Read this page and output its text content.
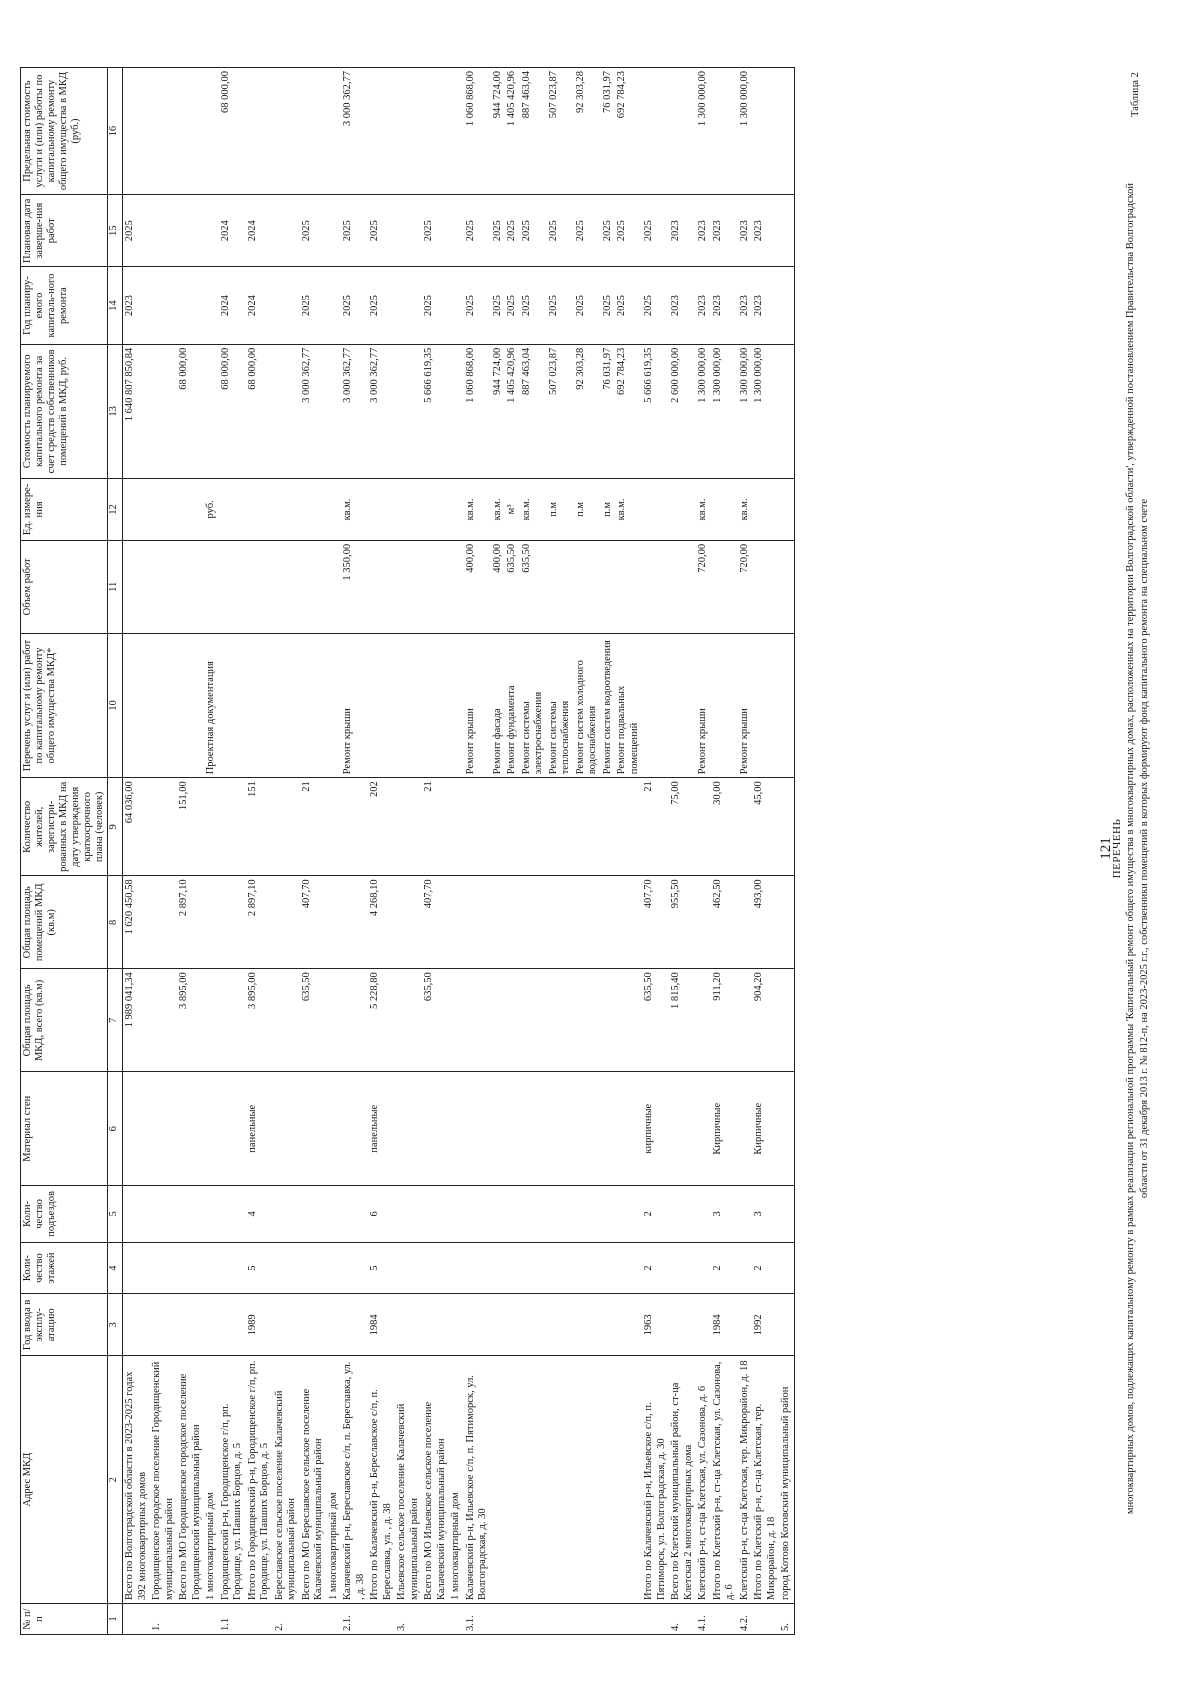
Таблица 2
121
ПЕРЕЧЕНЬ многоквартирных домов, подлежащих капитальному ремонту в рамках реализации региональной программы 'Капитальный ремонт общего имущества в многоквартирных домах, расположенных на территории Волгоградской области', утвержденной постановлением Правительства Волгоградской области от 31 декабря 2013 г. № 812-п, на 2023-2025 г.г., собственники помещений в которых формируют фонд капитального ремонта на специальном счете
№ п/п	Адрес МКД	Год ввода в эксплу-атацию	Коли-чество этажей	Коли-чество подъездов	Материал стен	Общая площадь МКД, всего (кв.м)	Общая площадь помещений МКД (кв.м)	Количество жителей, зарегистри-рованных в МКД на дату утверждения краткосрочного плана (человек)	Перечень услуг и (или) работ по капитальному ремонту общего имущества МКД*	Объем работ	Ед. измере-ния	Стоимость планируемого капитального ремонта за счет средств собственников помещений в МКД, руб.	Год планиру-емого капиталь-ного ремонта	Плановая дата заверше-ния работ	Предельная стоимость услуги и (или) работы по капитальному ремонту общего имущества в МКД (руб.)
1	2	3	4	5	6	7	8	9	10	11	12	13	14	15	16
	Всего по Волгоградской области в 2023-2025 годах 392 многоквартирных домов					1 989 041,34	1 620 450,58	64 036,00				1 640 807 850,84	2023	2025	
1.	Городищенское городское поселение Городищенский муниципальный район														
	Всего по МО Городищенское городское поселение Городищенский муниципальный район					3 895,00	2 897,10	151,00				68 000,00			
	1 многоквартирный дом								Проектная документация		руб.				
1.1	Городищенский р-н, Городищенское г/п, рп. Городище, ул. Павших Борцов, д. 5											68 000,00	2024	2024	68 000,00
	Итого по Городищенский р-н, Городищенское г/п, рп. Городище, ул. Павших Борцов, д. 5	1989	5	4	панельные	3 895,00	2 897,10	151				68 000,00	2024	2024	
2.	Береславское сельское поселение Калачевский муниципальный район														
	Всего по МО Береславское сельское поселение Калачевский муниципальный район					635,50	407,70	21				3 000 362,77	2025	2025	
	1 многоквартирный дом														
2.1.	Калачевский р-н, Береславское с/п, п. Береславка, ул. , д. 38								Ремонт крыши	1 350,00	кв.м.	3 000 362,77	2025	2025	3 000 362,77
	Итого по Калачевский р-н, Береславское с/п, п. Береславка, ул. , д. 38	1984	5	6	панельные	5 228,80	4 268,10	202				3 000 362,77	2025	2025	
3.	Ильевское сельское поселение Калачевский муниципальный район														
	Всего по МО Ильевское сельское поселение Калачевский муниципальный район					635,50	407,70	21				5 666 619,35	2025	2025	
	1 многоквартирный дом														
3.1.	Калачевский р-н, Ильевское с/п, п. Пятиморск, ул. Волгоградская, д. 30								Ремонт крыши	400,00	кв.м.	1 060 868,00	2025	2025	1 060 868,00
									Ремонт фасада	400,00	кв.м.	944 724,00	2025	2025	944 724,00
									Ремонт фундамента	635,50	м³	1 405 420,96	2025	2025	1 405 420,96
									Ремонт системы электроснабжения	635,50	кв.м.	887 463,04	2025	2025	887 463,04
									Ремонт системы теплоснабжения		п.м	507 023,87	2025	2025	507 023,87
									Ремонт систем холодного водоснабжения		п.м	92 303,28	2025	2025	92 303,28
									Ремонт систем водоотведения		п.м	76 031,97	2025	2025	76 031,97
									Ремонт подвальных помещений		кв.м.	692 784,23	2025	2025	692 784,23
	Итого по Калачевский р-н, Ильевское с/п, п. Пятиморск, ул. Волгоградская, д. 30	1963	2	2	кирпичные	635,50	407,70	21				5 666 619,35	2025	2025	
4.	Всего по Клетский муниципальный район, ст-ца Клетская 2 многоквартирных дома					1 815,40	955,50	75,00				2 600 000,00	2023	2023	
4.1.	Клетский р-н, ст-ца Клетская, ул. Сазонова, д. 6								Ремонт крыши	720,00	кв.м.	1 300 000,00	2023	2023	1 300 000,00
	Итого по Клетский р-н, ст-ца Клетская, ул. Сазонова, д. 6	1984	2	3	Кирпичные	911,20	462,50	30,00				1 300 000,00	2023	2023	
4.2.	Клетский р-н, ст-ца Клетская, тер. Микрорайон, д. 18								Ремонт крыши	720,00	кв.м.	1 300 000,00	2023	2023	1 300 000,00
	Итого по Клетский р-н, ст-ца Клетская, тер. Микрорайон, д. 18	1992	2	3	Кирпичные	904,20	493,00	45,00				1 300 000,00	2023	2023	
5.	город Котово Котовский муниципальный район														
